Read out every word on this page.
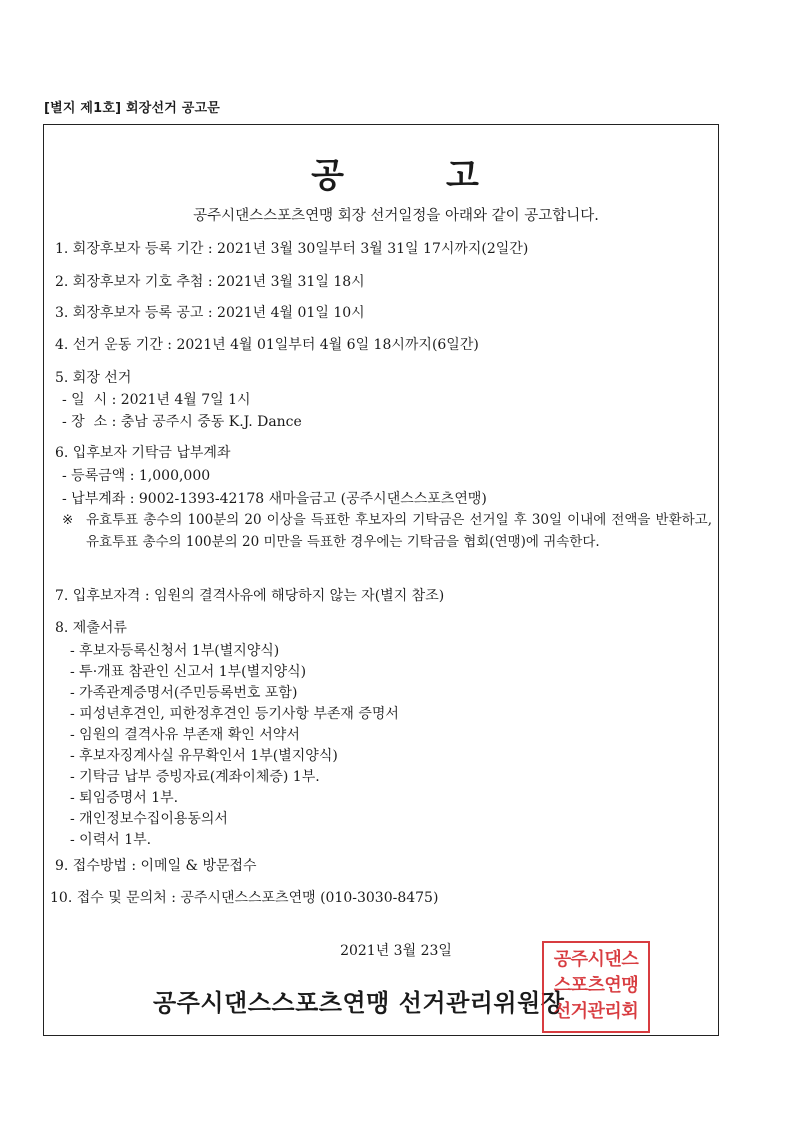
[별지 제1호] 회장선거 공고문
공	고
공주시댄스스포츠연맹 회장 선거일정을 아래와 같이 공고합니다.
1. 회장후보자 등록 기간 : 2021년 3월 30일부터 3월 31일 17시까지(2일간)
2. 회장후보자 기호 추첨 : 2021년 3월 31일 18시
3. 회장후보자 등록 공고 : 2021년 4월 01일 10시
4. 선거 운동 기간 : 2021년 4월 01일부터 4월 6일 18시까지(6일간)
5. 회장 선거
- 일  시 : 2021년 4월 7일 1시
- 장  소 : 충남 공주시 중동 K.J. Dance
6. 입후보자 기탁금 납부계좌
- 등록금액 : 1,000,000
- 납부계좌 : 9002-1393-42178 새마을금고 (공주시댄스스포츠연맹)
※ 유효투표 총수의 100분의 20 이상을 득표한 후보자의 기탁금은 선거일 후 30일 이내에 전액을 반환하고, 유효투표 총수의 100분의 20 미만을 득표한 경우에는 기탁금을 협회(연맹)에 귀속한다.
7. 입후보자격 : 임원의 결격사유에 해당하지 않는 자(별지 참조)
8. 제출서류
- 후보자등록신청서 1부(별지양식)
- 투·개표 참관인 신고서 1부(별지양식)
- 가족관계증명서(주민등록번호 포함)
- 피성년후견인, 피한정후견인 등기사항 부존재 증명서
- 임원의 결격사유 부존재 확인 서약서
- 후보자징계사실 유무확인서 1부(별지양식)
- 기탁금 납부 증빙자료(계좌이체증) 1부.
- 퇴임증명서 1부.
- 개인정보수집이용동의서
- 이력서 1부.
9. 접수방법 : 이메일 & 방문접수
10. 접수 및 문의처 : 공주시댄스스포츠연맹 (010-3030-8475)
2021년 3월 23일
공주시댄스스포츠연맹 선거관리위원장
공주시댄스
스포츠연맹
선거관리회
